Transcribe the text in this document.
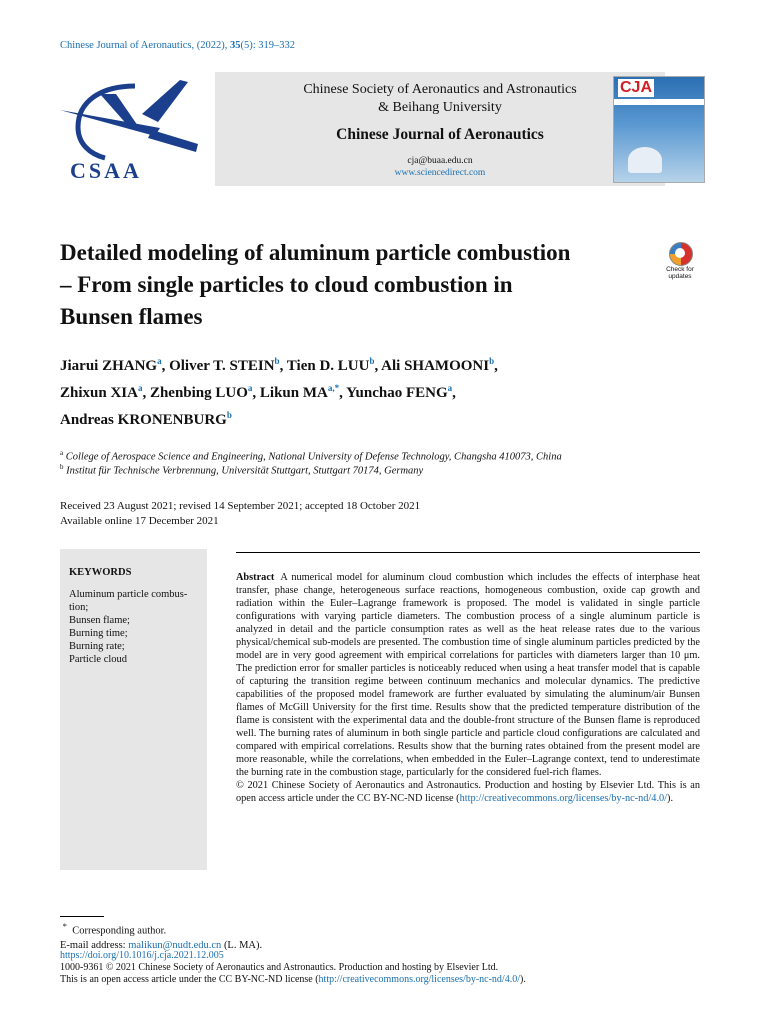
Chinese Journal of Aeronautics, (2022), 35(5): 319–332
CSAA
Chinese Society of Aeronautics and Astronautics
& Beihang University
Chinese Journal of Aeronautics
cja@buaa.edu.cn
www.sciencedirect.com
CJA
Detailed modeling of aluminum particle combustion
– From single particles to cloud combustion in
Bunsen flames
Check for
updates
Jiarui ZHANG$^a$, Oliver T. STEIN$^b$, Tien D. LUU$^b$, Ali SHAMOONI$^b$,
Zhixun XIA$^a$, Zhenbing LUO$^a$, Likun $MA^{a,*}$, Yunchao FENG$^a$,
Andreas KRONENBURG$^b$
$^a$ College of Aerospace Science and Engineering, National University of Defense Technology, Changsha 410073, China
$^b$ Institut für Technische Verbrennung, Universität Stuttgart, Stuttgart 70174, Germany
Received 23 August 2021; revised 14 September 2021; accepted 18 October 2021
Available online 17 December 2021
KEYWORDS
Aluminum particle combus-
tion;
Bunsen flame;
Burning time;
Burning rate;
Particle cloud
Abstract A numerical model for aluminum cloud combustion which includes the effects of interphase heat transfer, phase change, heterogeneous surface reactions, homogeneous combustion, oxide cap growth and radiation within the Euler–Lagrange framework is proposed. The model is validated in single particle configurations with varying particle diameters. The combustion process of a single aluminum particle is analyzed in detail and the particle consumption rates as well as the heat release rates due to the various physical/chemical sub-models are presented. The combustion time of single aluminum particles predicted by the model are in very good agreement with empirical correlations for particles with diameters larger than 10 μm. The prediction error for smaller particles is noticeably reduced when using a heat transfer model that is capable of capturing the transition regime between continuum mechanics and molecular dynamics. The predictive capabilities of the proposed model framework are further evaluated by simulating the aluminum/air Bunsen flames of McGill University for the first time. Results show that the predicted temperature distribution of the flame is consistent with the experimental data and the double-front structure of the Bunsen flame is reproduced well. The burning rates of aluminum in both single particle and particle cloud configurations are calculated and compared with empirical correlations. Results show that the burning rates obtained from the present model are more reasonable, while the correlations, when embedded in the Euler–Lagrange context, tend to underestimate the burning rate in the combustion stage, particularly for the considered fuel-rich flames.
© 2021 Chinese Society of Aeronautics and Astronautics. Production and hosting by Elsevier Ltd. This is an open access article under the CC BY-NC-ND license (http://creativecommons.org/licenses/by-nc-nd/4.0/).
* Corresponding author.
E-mail address: malikun@nudt.edu.cn (L. MA).
https://doi.org/10.1016/j.cja.2021.12.005
1000-9361 © 2021 Chinese Society of Aeronautics and Astronautics. Production and hosting by Elsevier Ltd.
This is an open access article under the CC BY-NC-ND license (http://creativecommons.org/licenses/by-nc-nd/4.0/).
